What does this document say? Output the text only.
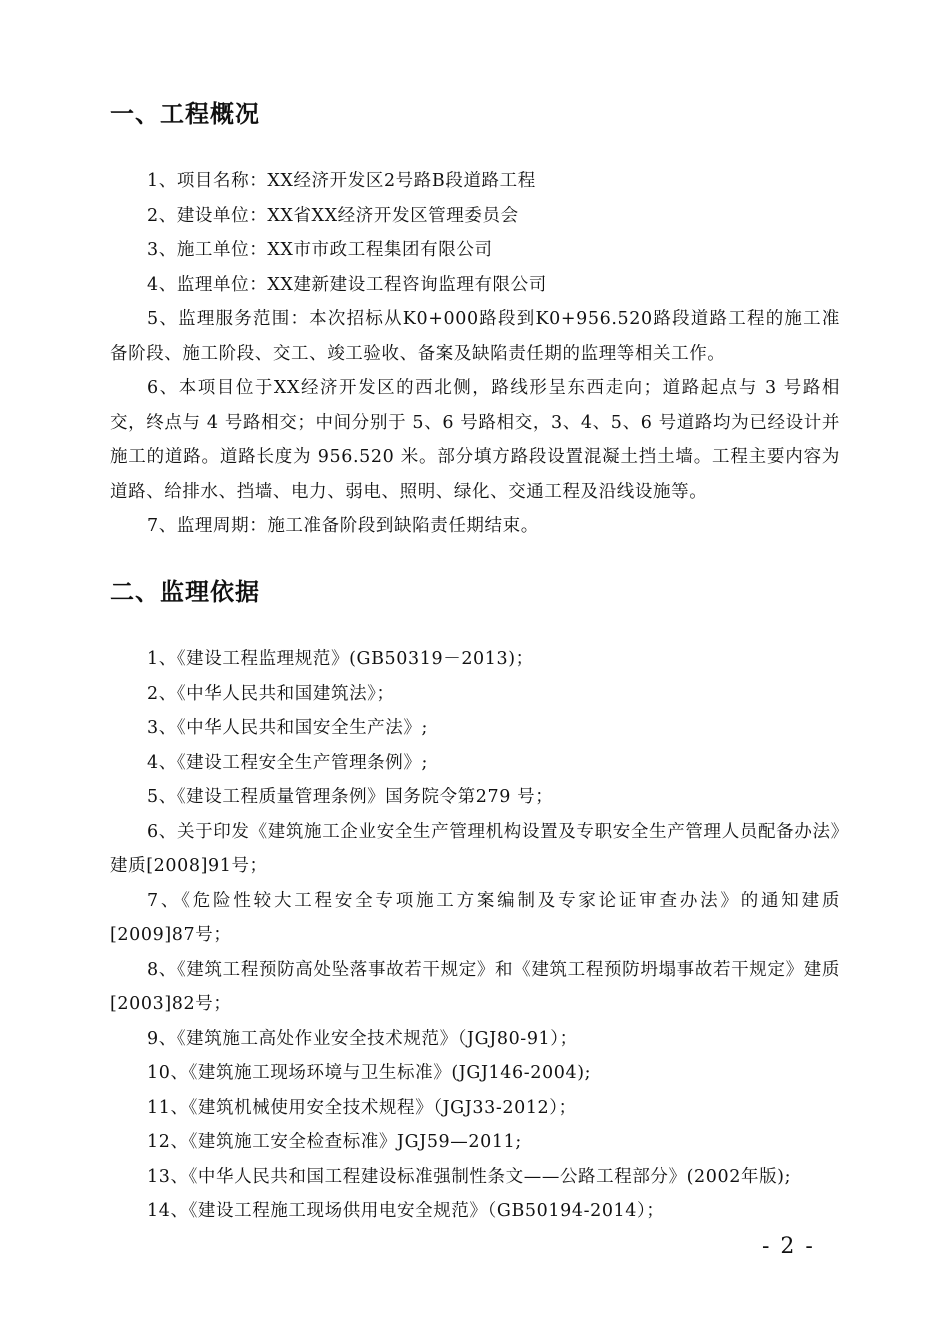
一、工程概况

1、项目名称：XX经济开发区2号路B段道路工程

2、建设单位：XX省XX经济开发区管理委员会

3、施工单位：XX市市政工程集团有限公司

4、监理单位：XX建新建设工程咨询监理有限公司

5、监理服务范围：本次招标从K0+000路段到K0+956.520路段道路工程的施工准备阶段、施工阶段、交工、竣工验收、备案及缺陷责任期的监理等相关工作。

6、本项目位于XX经济开发区的西北侧，路线形呈东西走向；道路起点与 3 号路相交，终点与 4 号路相交；中间分别于 5、6 号路相交，3、4、5、6 号道路均为已经设计并施工的道路。道路长度为 956.520 米。部分填方路段设置混凝土挡土墙。工程主要内容为道路、给排水、挡墙、电力、弱电、照明、绿化、交通工程及沿线设施等。

7、监理周期：施工准备阶段到缺陷责任期结束。

二、监理依据

1、《建设工程监理规范》(GB50319－2013)；

2、《中华人民共和国建筑法》；

3、《中华人民共和国安全生产法》;

4、《建设工程安全生产管理条例》;

5、《建设工程质量管理条例》国务院令第279 号；

6、关于印发《建筑施工企业安全生产管理机构设置及专职安全生产管理人员配备办法》建质[2008]91号；

7、《危险性较大工程安全专项施工方案编制及专家论证审查办法》的通知建质[2009]87号；

8、《建筑工程预防高处坠落事故若干规定》和《建筑工程预防坍塌事故若干规定》建质[2003]82号；

9、《建筑施工高处作业安全技术规范》（JGJ80-91）；

10、《建筑施工现场环境与卫生标准》(JGJ146-2004);

11、《建筑机械使用安全技术规程》（JGJ33-2012）；

12、《建筑施工安全检查标准》JGJ59—2011;

13、《中华人民共和国工程建设标准强制性条文——公路工程部分》(2002年版);

14、《建设工程施工现场供用电安全规范》（GB50194-2014）；

- 2 -
